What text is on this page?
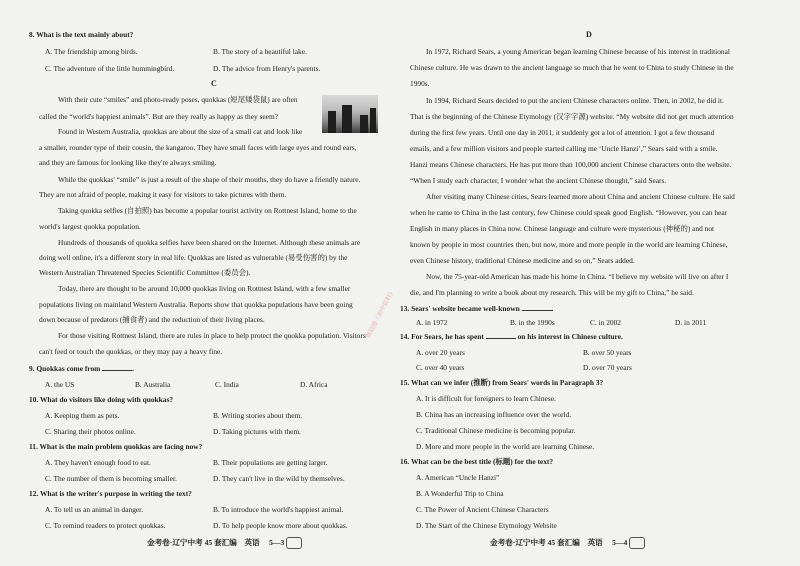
8. What is the text mainly about?
A. The friendship among birds.	B. The story of a beautiful lake.
C. The adventure of the little hummingbird.	D. The advice from Henry's parents.
C
With their cute “smiles” and photo-ready poses, quokkas (短尾矮袋鼠) are often
called the “world's happiest animals”. But are they really as happy as they seem?
Found in Western Australia, quokkas are about the size of a small cat and look like
a smaller, rounder type of their cousin, the kangaroo. They have small faces with large eyes and round ears,
and they are famous for looking like they're always smiling.
While the quokkas' “smile” is just a result of the shape of their mouths, they do have a friendly nature.
They are not afraid of people, making it easy for visitors to take pictures with them.
Taking quokka selfies (自拍照) has become a popular tourist activity on Rottnest Island, home to the
world's largest quokka population.
Hundreds of thousands of quokka selfies have been shared on the Internet. Although these animals are
doing well online, it's a different story in real life. Quokkas are listed as vulnerable (易受伤害的) by the
Western Australian Threatened Species Scientific Committee (委员会).
Today, there are thought to be around 10,000 quokkas living on Rottnest Island, with a few smaller
populations living on mainland Western Australia. Reports show that quokka populations have been going
down because of predators (捕食者) and the reduction of their living places.
For those visiting Rottnest Island, there are rules in place to help protect the quokka population. Visitors
can't feed or touch the quokkas, or they may pay a heavy fine.
9. Quokkas come from	.
A. the US	B. Australia	C. India	D. Africa
10. What do visitors like doing with quokkas?
A. Keeping them as pets.	B. Writing stories about them.
C. Sharing their photos online.	D. Taking pictures with them.
11. What is the main problem quokkas are facing now?
A. They haven't enough food to eat.	B. Their populations are getting larger.
C. The number of them is becoming smaller.	D. They can't live in the wild by themselves.
12. What is the writer's purpose in writing the text?
A. To tell us an animal in danger.	B. To introduce the world's happiest animal.
C. To remind readers to protect quokkas.	D. To help people know more about quokkas.
金考卷·辽宁中考 45 套汇编　英语　 5—3
D
In 1972, Richard Sears, a young American began learning Chinese because of his interest in traditional
Chinese culture. He was drawn to the ancient language so much that he went to China to study Chinese in the
1990s.
In 1994, Richard Sears decided to put the ancient Chinese characters online. Then, in 2002, he did it.
That is the beginning of the Chinese Etymology (汉字字源) website. “My website did not get much attention
during the first few years. Until one day in 2011, it suddenly got a lot of attention. I got a few thousand
emails, and a few million visitors and people started calling me ‘Uncle Hanzi’,” Sears said with a smile.
Hanzi means Chinese characters. He has put more than 100,000 ancient Chinese characters onto the website.
“When I study each character, I wonder what the ancient Chinese thought,” said Sears.
After visiting many Chinese cities, Sears learned more about China and ancient Chinese culture. He said
when he came to China in the last century, few Chinese could speak good English. “However, you can hear
English in many places in China now. Chinese language and culture were mysterious (神秘的) and not
known by people in most countries then, but now, more and more people in the world are learning Chinese,
even Chinese history, traditional Chinese medicine and so on,” Sears added.
Now, the 75-year-old American has made his home in China. “I believe my website will live on after I
die, and I'm planning to write a book about my research. This will be my gift to China,” he said.
13. Sears' website became well-known	.
A. in 1972	B. in the 1990s	C. in 2002	D. in 2011
14. For Sears, he has spent	on his interest in Chinese culture.
A. over 20 years	B. over 50 years
C. over 40 years	D. over 70 years
15. What can we infer (推断) from Sears' words in Paragraph 3?
A. It is difficult for foreigners to learn Chinese.
B. China has an increasing influence over the world.
C. Traditional Chinese medicine is becoming popular.
D. More and more people in the world are learning Chinese.
16. What can be the best title (标题) for the text?
A. American “Uncle Hanzi”
B. A Wonderful Trip to China
C. The Power of Ancient Chinese Characters
D. The Start of the Chinese Etymology Website
金考卷·辽宁中考 45 套汇编　英语　 5—4
微信搜《初中资料》
